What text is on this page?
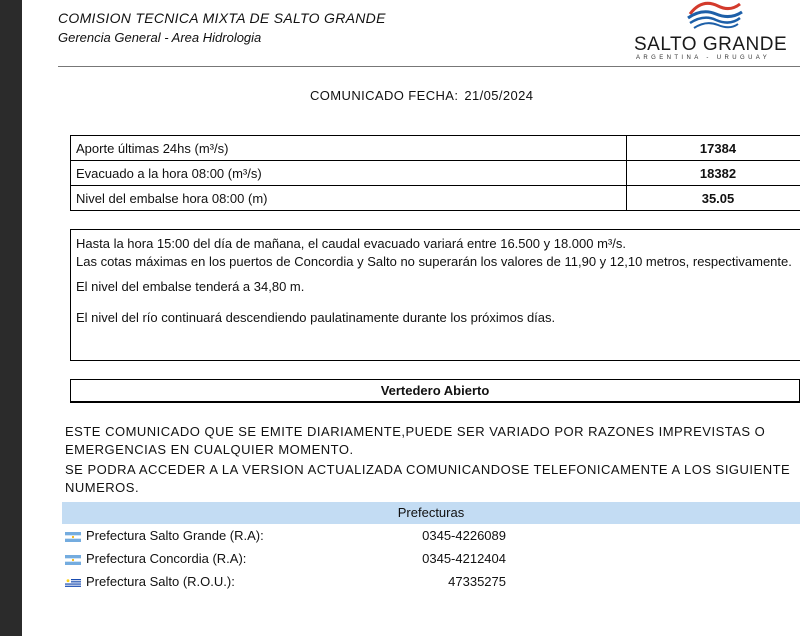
COMISION TECNICA MIXTA DE SALTO GRANDE
Gerencia General - Area Hidrologia	SALTO GRANDE
ARGENTINA - URUGUAY
COMUNICADO FECHA: 21/05/2024
Aporte últimas 24hs (m³/s)	17384
Evacuado a la hora 08:00 (m³/s)	18382
Nivel del embalse hora 08:00 (m)	35.05

Hasta la hora 15:00 del día de mañana, el caudal evacuado variará entre 16.500 y 18.000 m³/s.

Las cotas máximas en los puertos de Concordia y Salto no superarán los valores de 11,90 y 12,10 metros, respectivamente.

El nivel del embalse tenderá a 34,80 m.

El nivel del río continuará descendiendo paulatinamente durante los próximos días.

Vertedero Abierto

ESTE COMUNICADO QUE SE EMITE DIARIAMENTE,PUEDE SER VARIADO POR RAZONES IMPREVISTAS O EMERGENCIAS EN CUALQUIER MOMENTO.

SE PODRA ACCEDER A LA VERSION ACTUALIZADA COMUNICANDOSE TELEFONICAMENTE A LOS SIGUIENTE NUMEROS.

Prefecturas
Prefectura Salto Grande (R.A):	0345-4226089
Prefectura Concordia (R.A):	0345-4212404
Prefectura Salto (R.O.U.):	47335275
